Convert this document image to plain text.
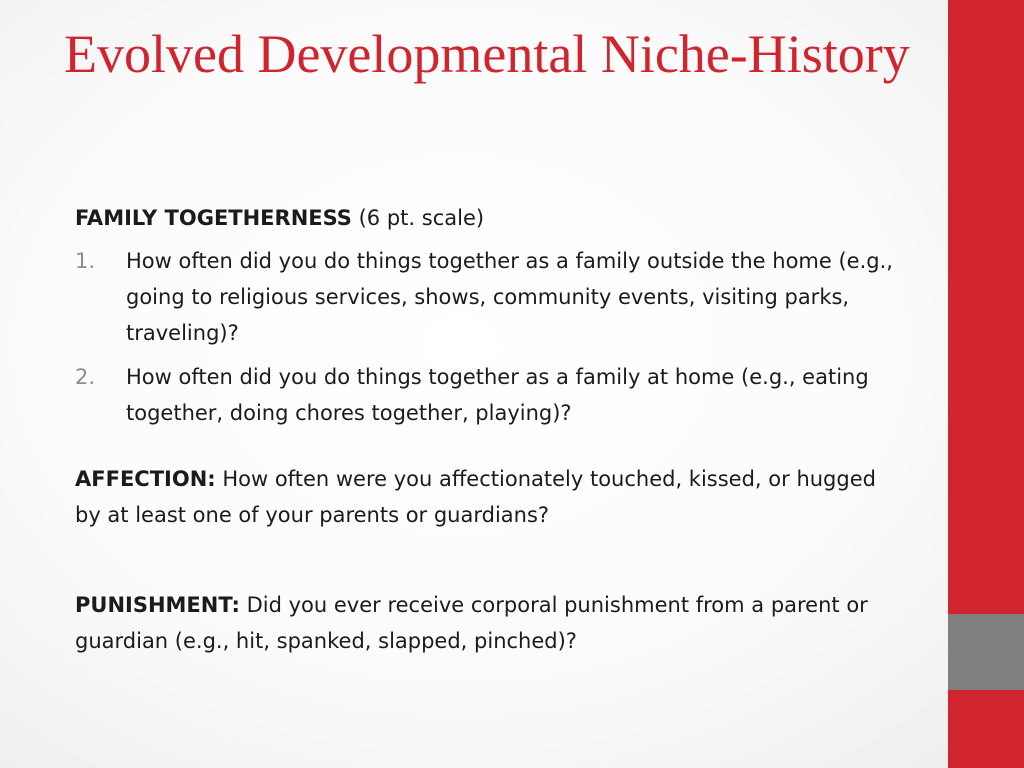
Evolved Developmental Niche-History

FAMILY TOGETHERNESS (6 pt. scale)

1. How often did you do things together as a family outside the home (e.g., going to religious services, shows, community events, visiting parks, traveling)?
2. How often did you do things together as a family at home (e.g., eating together, doing chores together, playing)?

AFFECTION: How often were you affectionately touched, kissed, or hugged by at least one of your parents or guardians?

PUNISHMENT: Did you ever receive corporal punishment from a parent or guardian (e.g., hit, spanked, slapped, pinched)?
